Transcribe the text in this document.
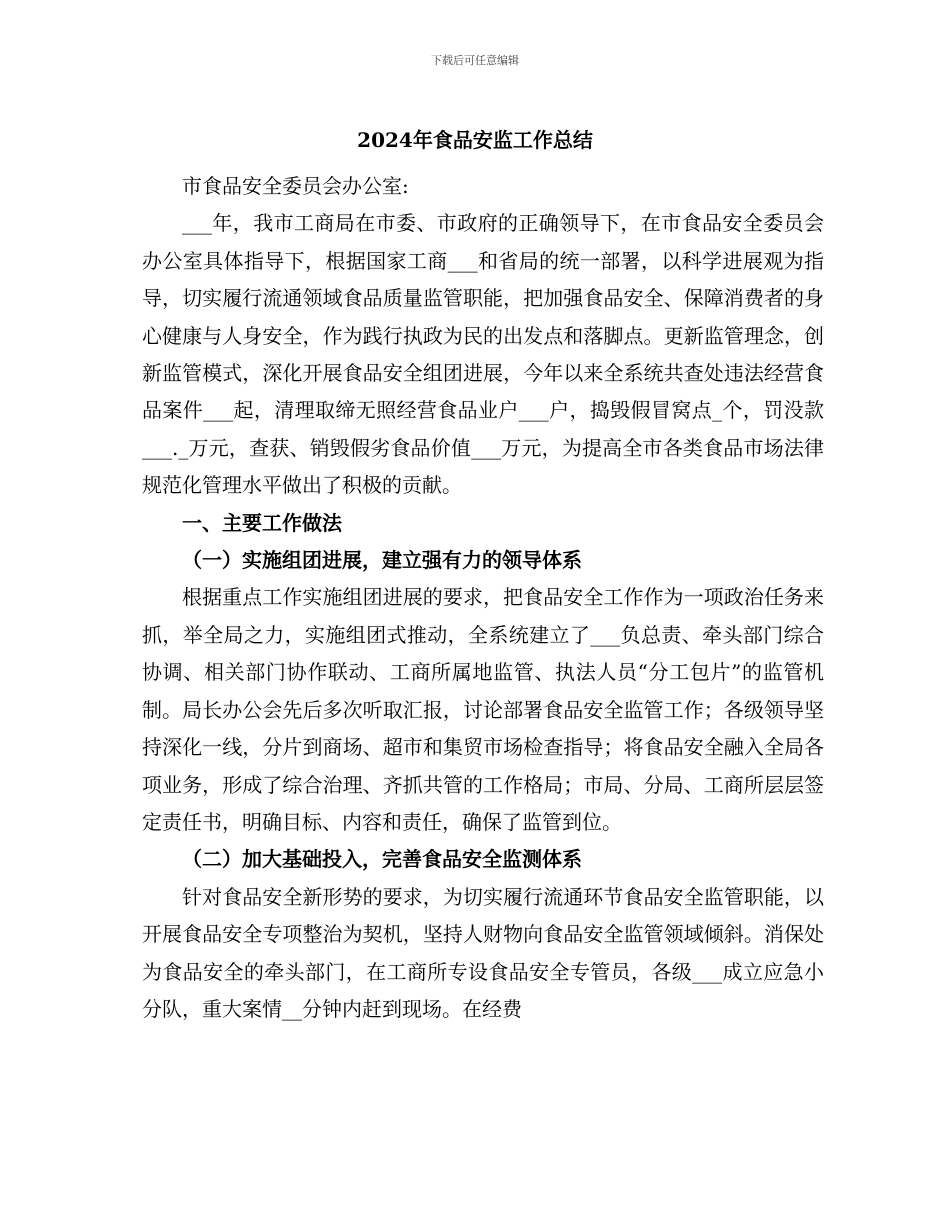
下载后可任意编辑
2024年食品安监工作总结

市食品安全委员会办公室:

___年，我市工商局在市委、市政府的正确领导下，在市食品安全委员会办公室具体指导下，根据国家工商___和省局的统一部署，以科学进展观为指导，切实履行流通领域食品质量监管职能，把加强食品安全、保障消费者的身心健康与人身安全，作为践行执政为民的出发点和落脚点。更新监管理念，创新监管模式，深化开展食品安全组团进展，今年以来全系统共查处违法经营食品案件___起，清理取缔无照经营食品业户___户，捣毁假冒窝点_个，罚没款___._万元，查获、销毁假劣食品价值___万元，为提高全市各类食品市场法律规范化管理水平做出了积极的贡献。

一、主要工作做法

（一）实施组团进展，建立强有力的领导体系

根据重点工作实施组团进展的要求，把食品安全工作作为一项政治任务来抓，举全局之力，实施组团式推动，全系统建立了___负总责、牵头部门综合协调、相关部门协作联动、工商所属地监管、执法人员“分工包片”的监管机制。局长办公会先后多次听取汇报，讨论部署食品安全监管工作；各级领导坚持深化一线，分片到商场、超市和集贸市场检查指导；将食品安全融入全局各项业务，形成了综合治理、齐抓共管的工作格局；市局、分局、工商所层层签定责任书，明确目标、内容和责任，确保了监管到位。

（二）加大基础投入，完善食品安全监测体系

针对食品安全新形势的要求，为切实履行流通环节食品安全监管职能，以开展食品安全专项整治为契机，坚持人财物向食品安全监管领域倾斜。消保处为食品安全的牵头部门，在工商所专设食品安全专管员，各级___成立应急小分队，重大案情__分钟内赶到现场。在经费
